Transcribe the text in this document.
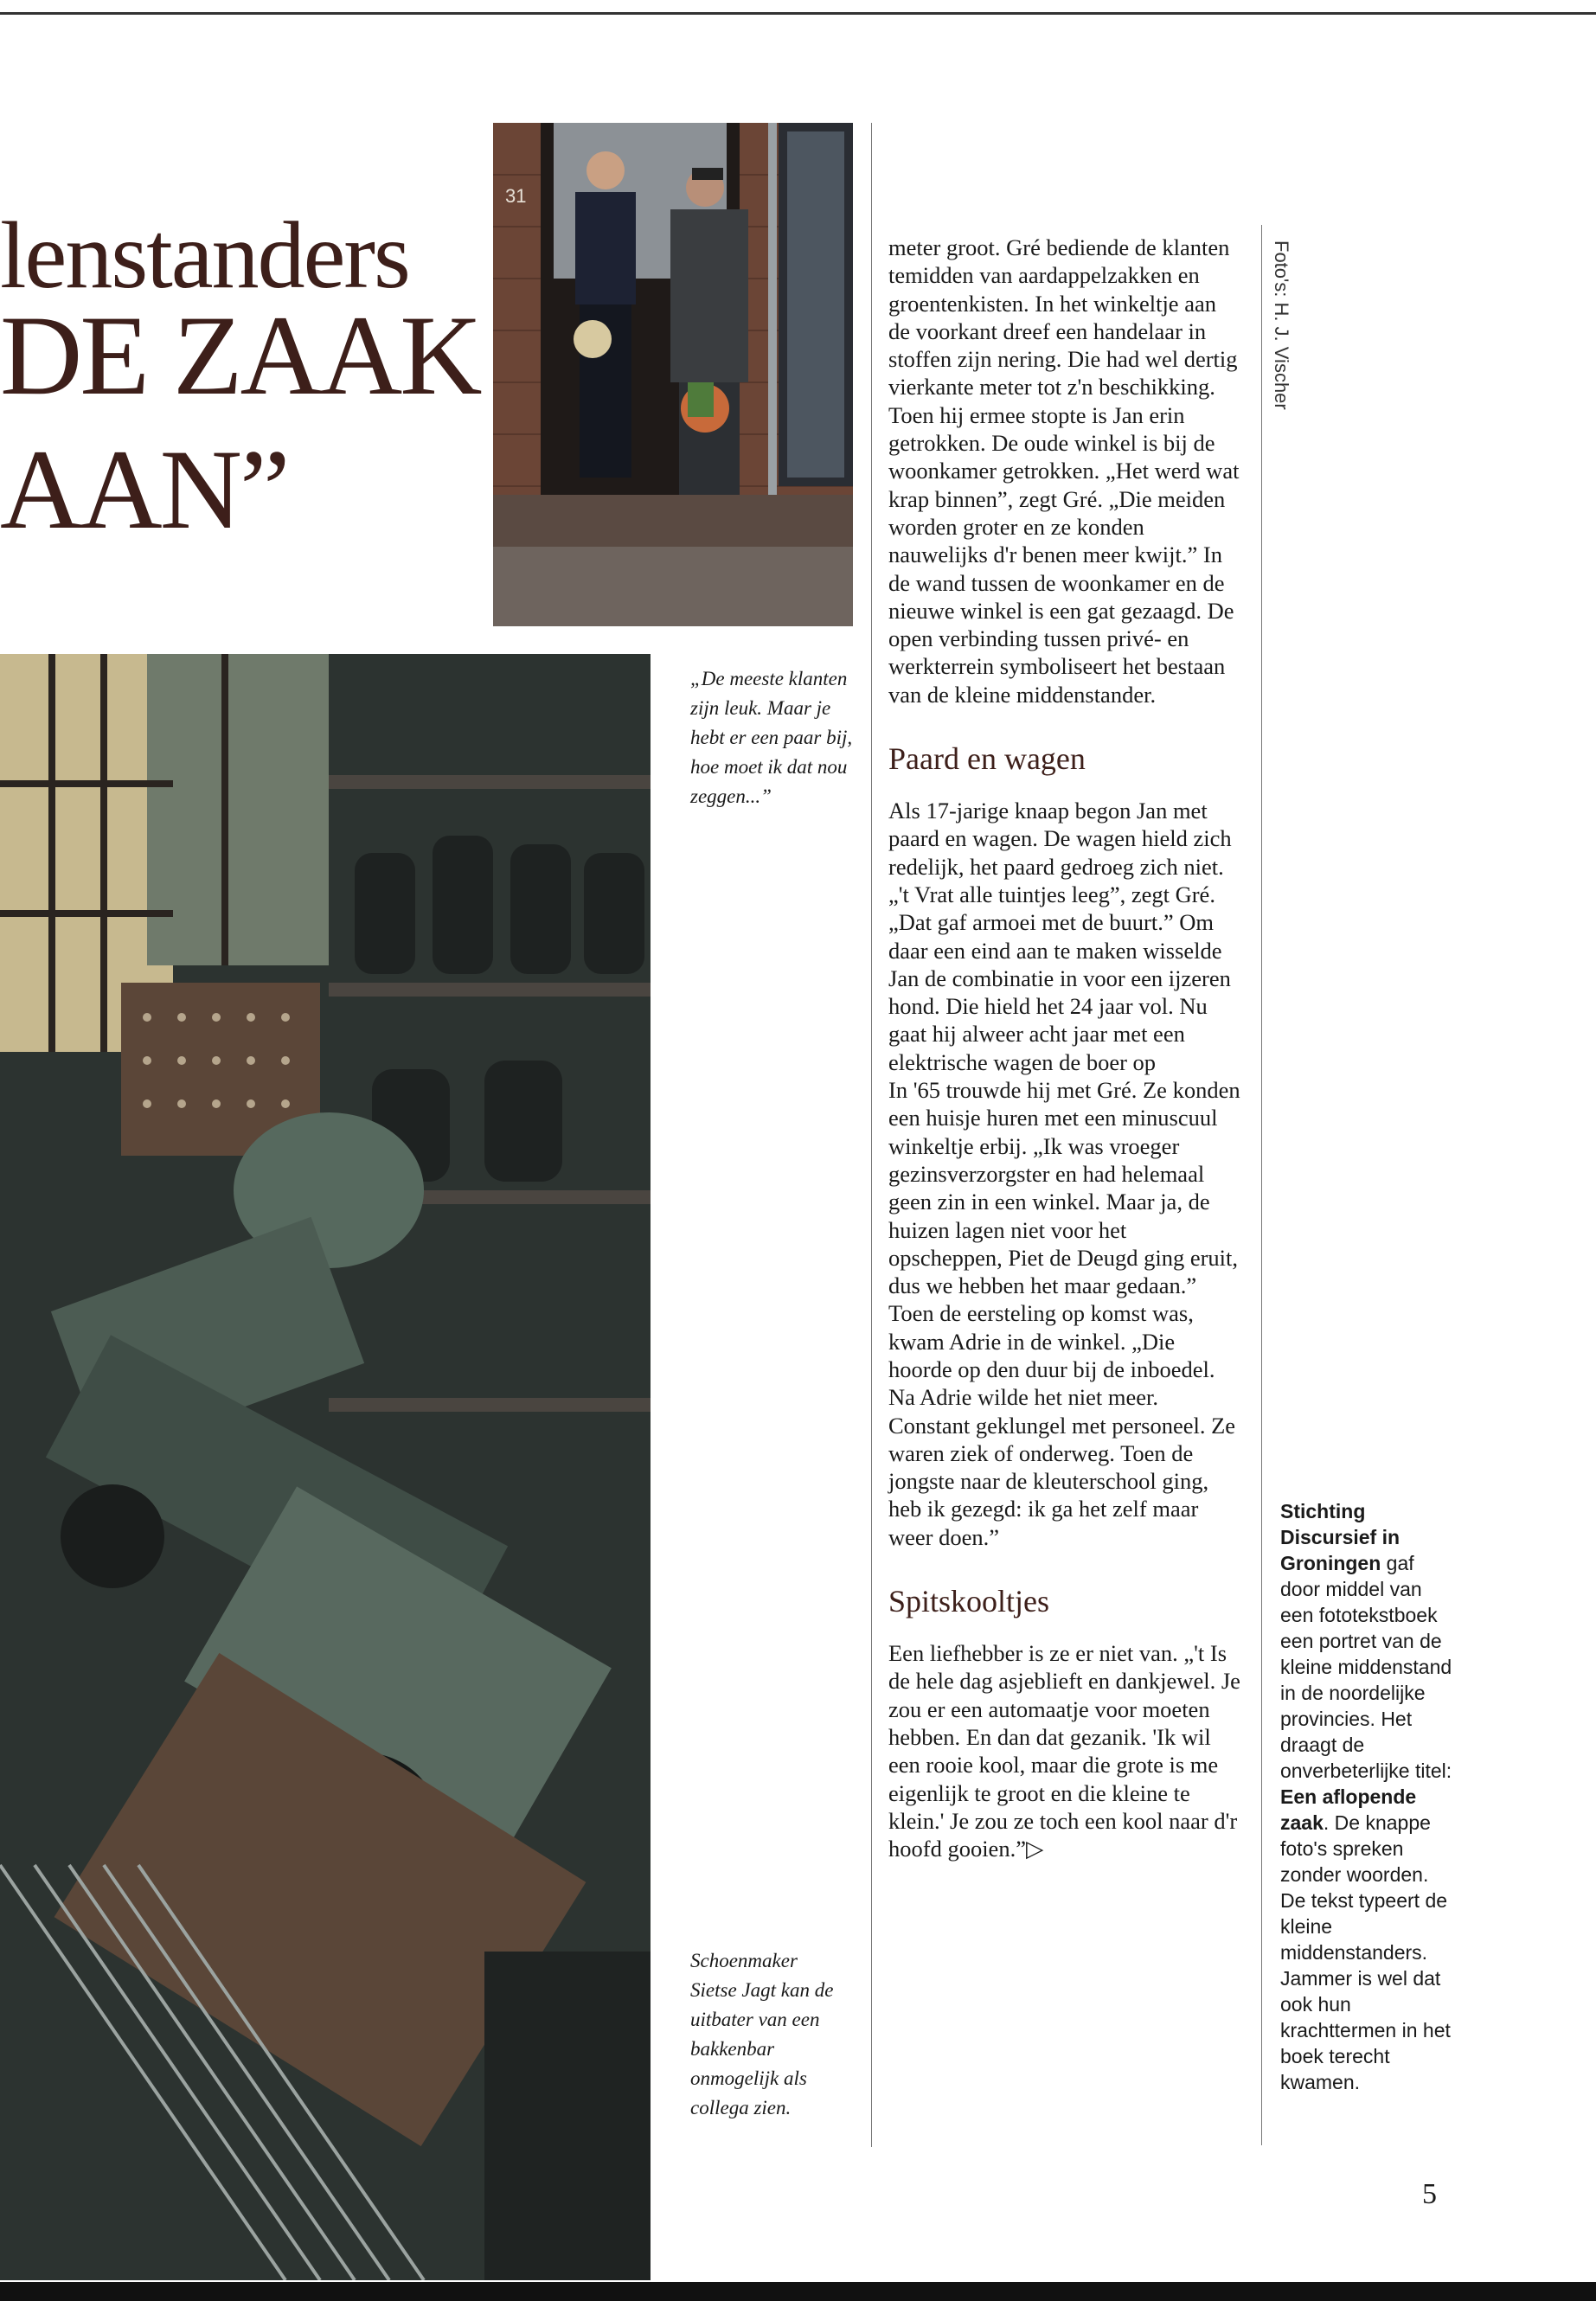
lenstanders
DE ZAAK
AAN”
31
„De meeste klanten zijn leuk. Maar je hebt er een paar bij, hoe moet ik dat nou zeggen...”
Schoenmaker Sietse Jagt kan de uitbater van een bakkenbar onmogelijk als collega zien.

meter groot. Gré bediende de klanten temidden van aardappelzakken en groentenkisten. In het winkeltje aan de voorkant dreef een handelaar in stoffen zijn nering. Die had wel dertig vierkante meter tot z'n beschikking.

Toen hij ermee stopte is Jan erin getrokken. De oude winkel is bij de woonkamer getrokken. „Het werd wat krap binnen”, zegt Gré. „Die meiden worden groter en ze konden nauwelijks d'r benen meer kwijt.” In de wand tussen de woonkamer en de nieuwe winkel is een gat gezaagd. De open verbinding tussen privé- en werkterrein symboliseert het bestaan van de kleine middenstander.

Paard en wagen

Als 17-jarige knaap begon Jan met paard en wagen. De wagen hield zich redelijk, het paard gedroeg zich niet. „'t Vrat alle tuintjes leeg”, zegt Gré. „Dat gaf armoei met de buurt.” Om daar een eind aan te maken wisselde Jan de combinatie in voor een ijzeren hond. Die hield het 24 jaar vol. Nu gaat hij alweer acht jaar met een elektrische wagen de boer op

In '65 trouwde hij met Gré. Ze konden een huisje huren met een minuscuul winkeltje erbij. „Ik was vroeger gezinsverzorgster en had helemaal geen zin in een winkel. Maar ja, de huizen lagen niet voor het opscheppen, Piet de Deugd ging eruit, dus we hebben het maar gedaan.”

Toen de eersteling op komst was, kwam Adrie in de winkel. „Die hoorde op den duur bij de inboedel. Na Adrie wilde het niet meer. Constant geklungel met personeel. Ze waren ziek of onderweg. Toen de jongste naar de kleuterschool ging, heb ik gezegd: ik ga het zelf maar weer doen.”

Spitskooltjes

Een liefhebber is ze er niet van. „'t Is de hele dag asjeblieft en dankjewel. Je zou er een automaatje voor moeten hebben. En dan dat gezanik. 'Ik wil een rooie kool, maar die grote is me eigenlijk te groot en die kleine te klein.' Je zou ze toch een kool naar d'r hoofd gooien.”▷

Foto's: H. J. Vischer
Stichting Discursief in Groningen gaf door middel van een fototekstboek een portret van de kleine middenstand in de noordelijke provincies. Het draagt de onverbeterlijke titel: Een aflopende zaak. De knappe foto's spreken zonder woorden. De tekst typeert de kleine middenstanders. Jammer is wel dat ook hun krachttermen in het boek terecht kwamen.
5
